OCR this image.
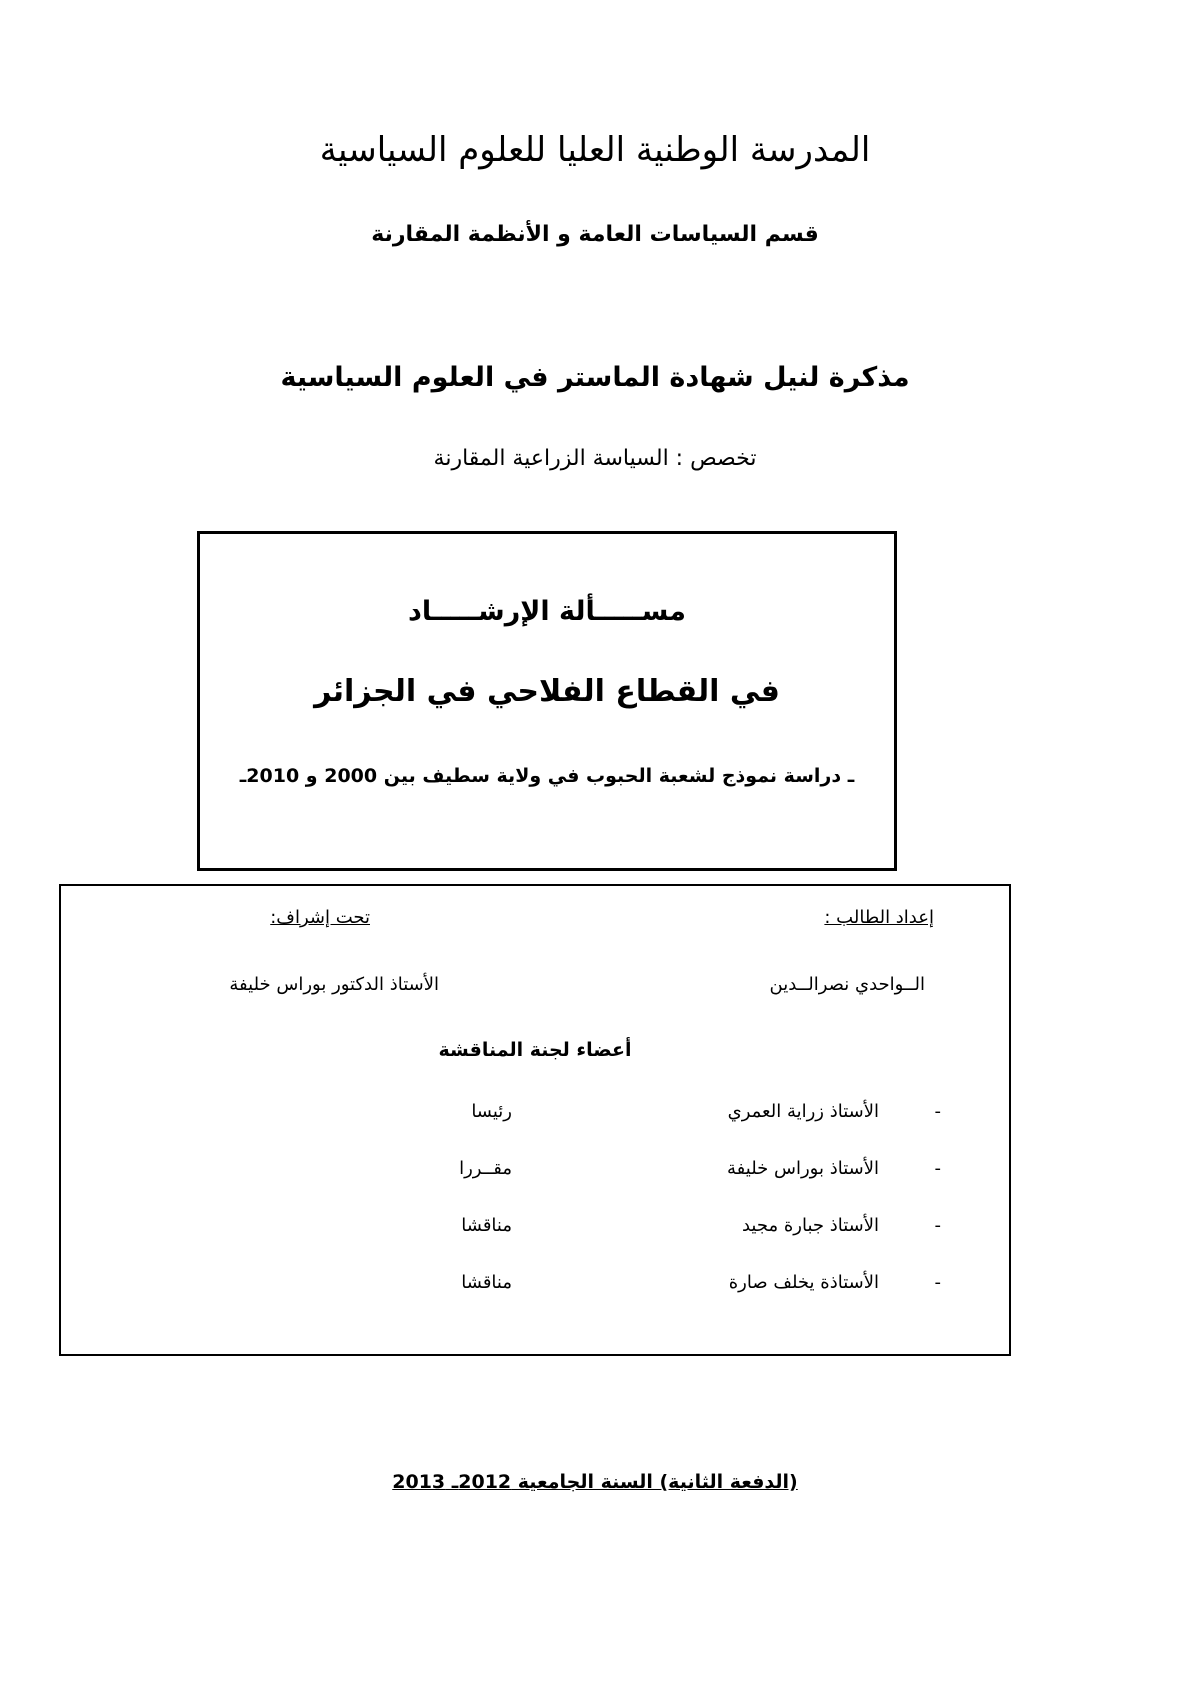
المدرسة الوطنية العليا للعلوم السياسية
قسم السياسات العامة و الأنظمة المقارنة
مذكرة لنيل شهادة الماستر في العلوم السياسية
تخصص : السياسة الزراعية المقارنة
مســـــألة الإرشـــــاد
في القطاع الفلاحي في الجزائر
ـ دراسة نموذج لشعبة الحبوب في ولاية سطيف بين 2000 و 2010ـ
إعداد الطالب :
تحت إشراف:
الــواحدي نصرالــدين
الأستاذ الدكتور بوراس خليفة
أعضاء لجنة المناقشة
-
الأستاذ زراية العمري
رئيسا
-
الأستاذ بوراس خليفة
مقــررا
-
الأستاذ جبارة مجيد
مناقشا
-
الأستاذة يخلف صارة
مناقشا
(الدفعة الثانية) السنة الجامعية 2012ـ 2013
